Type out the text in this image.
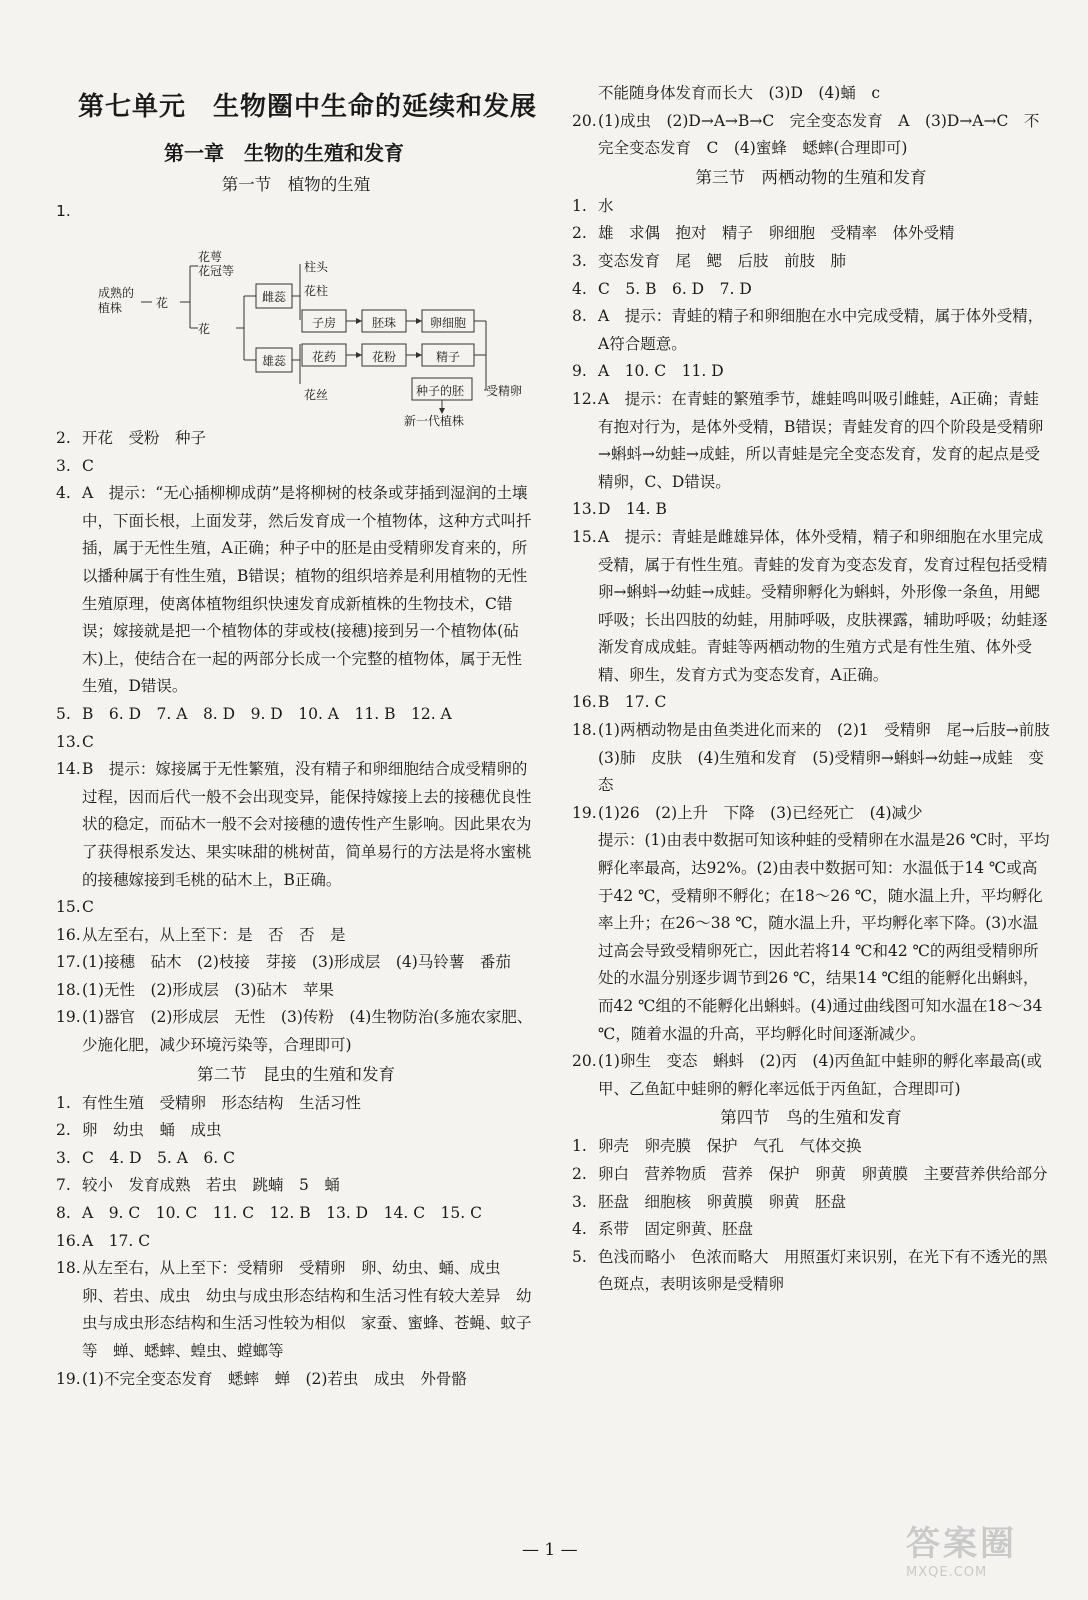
第七单元　生物圈中生命的延续和发展
第一章　生物的生殖和发育
第一节　植物的生殖
1.
成熟的植株	花
花萼
花冠等
花
雌蕊
雄蕊
柱头
花柱
子房	胚珠	卵细胞
花药	花粉	精子
花丝	种子的胚 受精卵
新一代植株
2. 开花　受粉　种子
3. C
4. A　提示：“无心插柳柳成荫”是将柳树的枝条或芽插到湿润的土壤中，下面长根，上面发芽，然后发育成一个植物体，这种方式叫扦插，属于无性生殖，A正确；种子中的胚是由受精卵发育来的，所以播种属于有性生殖，B错误；植物的组织培养是利用植物的无性生殖原理，使离体植物组织快速发育成新植株的生物技术，C错误；嫁接就是把一个植物体的芽或枝(接穗)接到另一个植物体(砧木)上，使结合在一起的两部分长成一个完整的植物体，属于无性生殖，D错误。
5. B　6. D　7. A　8. D　9. D　10. A　11. B　12. A
13. C
14. B　提示：嫁接属于无性繁殖，没有精子和卵细胞结合成受精卵的过程，因而后代一般不会出现变异，能保持嫁接上去的接穗优良性状的稳定，而砧木一般不会对接穗的遗传性产生影响。因此果农为了获得根系发达、果实味甜的桃树苗，简单易行的方法是将水蜜桃的接穗嫁接到毛桃的砧木上，B正确。
15. C
16. 从左至右，从上至下：是　否　否　是
17. (1)接穗　砧木　(2)枝接　芽接　(3)形成层　(4)马铃薯　番茄
18. (1)无性　(2)形成层　(3)砧木　苹果
19. (1)器官　(2)形成层　无性　(3)传粉　(4)生物防治(多施农家肥、少施化肥，减少环境污染等，合理即可)
第二节　昆虫的生殖和发育
1. 有性生殖　受精卵　形态结构　生活习性
2. 卵　幼虫　蛹　成虫
3. C　4. D　5. A　6. C
7. 较小　发育成熟　若虫　跳蝻　5　蛹
8. A　9. C　10. C　11. C　12. B　13. D　14. C　15. C
16. A　17. C
18. 从左至右，从上至下：受精卵　受精卵　卵、幼虫、蛹、成虫　卵、若虫、成虫　幼虫与成虫形态结构和生活习性有较大差异　幼虫与成虫形态结构和生活习性较为相似　家蚕、蜜蜂、苍蝇、蚊子等　蝉、蟋蟀、蝗虫、螳螂等
19. (1)不完全变态发育　蟋蟀　蝉　(2)若虫　成虫　外骨骼
不能随身体发育而长大　(3)D　(4)蛹　c
20. (1)成虫　(2)D→A→B→C　完全变态发育　A　(3)D→A→C　不完全变态发育　C　(4)蜜蜂　蟋蟀(合理即可)
第三节　两栖动物的生殖和发育
1. 水
2. 雄　求偶　抱对　精子　卵细胞　受精率　体外受精
3. 变态发育　尾　鳃　后肢　前肢　肺
4. C　5. B　6. D　7. D
8. A　提示：青蛙的精子和卵细胞在水中完成受精，属于体外受精，A符合题意。
9. A　10. C　11. D
12. A　提示：在青蛙的繁殖季节，雄蛙鸣叫吸引雌蛙，A正确；青蛙有抱对行为，是体外受精，B错误；青蛙发育的四个阶段是受精卵→蝌蚪→幼蛙→成蛙，所以青蛙是完全变态发育，发育的起点是受精卵，C、D错误。
13. D　14. B
15. A　提示：青蛙是雌雄异体，体外受精，精子和卵细胞在水里完成受精，属于有性生殖。青蛙的发育为变态发育，发育过程包括受精卵→蝌蚪→幼蛙→成蛙。受精卵孵化为蝌蚪，外形像一条鱼，用鳃呼吸；长出四肢的幼蛙，用肺呼吸，皮肤裸露，辅助呼吸；幼蛙逐渐发育成成蛙。青蛙等两栖动物的生殖方式是有性生殖、体外受精、卵生，发育方式为变态发育，A正确。
16. B　17. C
18. (1)两栖动物是由鱼类进化而来的　(2)1　受精卵　尾→后肢→前肢　(3)肺　皮肤　(4)生殖和发育　(5)受精卵→蝌蚪→幼蛙→成蛙　变态
19. (1)26　(2)上升　下降　(3)已经死亡　(4)减少
提示：(1)由表中数据可知该种蛙的受精卵在水温是26 ℃时，平均孵化率最高，达92%。(2)由表中数据可知：水温低于14 ℃或高于42 ℃，受精卵不孵化；在18～26 ℃，随水温上升，平均孵化率上升；在26～38 ℃，随水温上升，平均孵化率下降。(3)水温过高会导致受精卵死亡，因此若将14 ℃和42 ℃的两组受精卵所处的水温分别逐步调节到26 ℃，结果14 ℃组的能孵化出蝌蚪，而42 ℃组的不能孵化出蝌蚪。(4)通过曲线图可知水温在18～34 ℃，随着水温的升高，平均孵化时间逐渐减少。
20. (1)卵生　变态　蝌蚪　(2)丙　(4)丙鱼缸中蛙卵的孵化率最高(或甲、乙鱼缸中蛙卵的孵化率远低于丙鱼缸，合理即可)
第四节　鸟的生殖和发育
1. 卵壳　卵壳膜　保护　气孔　气体交换
2. 卵白　营养物质　营养　保护　卵黄　卵黄膜　主要营养供给部分
3. 胚盘　细胞核　卵黄膜　卵黄　胚盘
4. 系带　固定卵黄、胚盘
5. 色浅而略小　色浓而略大　用照蛋灯来识别，在光下有不透光的黑色斑点，表明该卵是受精卵
— 1 —	答案圈
MXQE.COM
